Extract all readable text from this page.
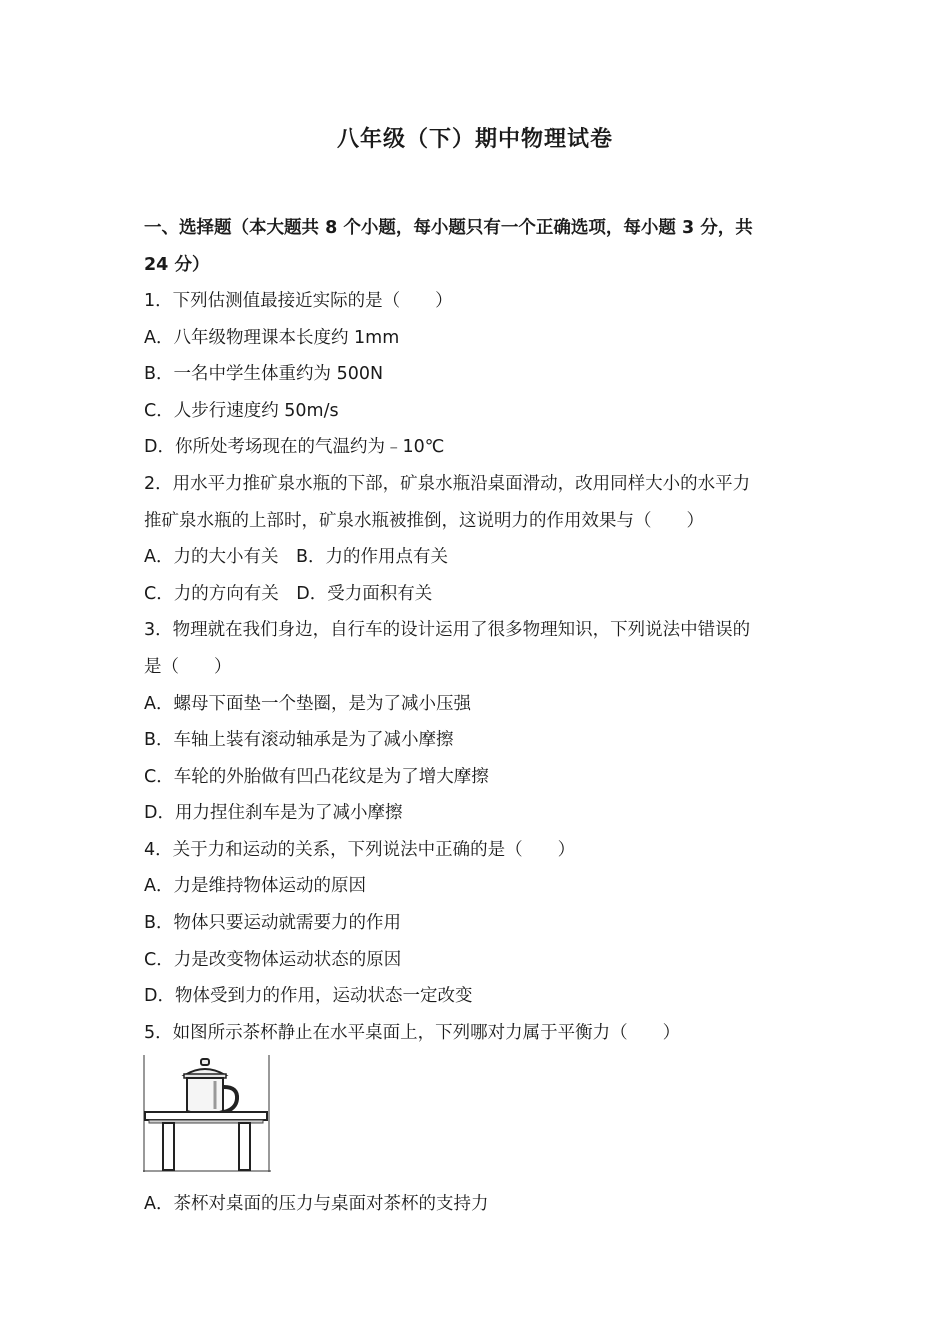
八年级（下）期中物理试卷
一、选择题（本大题共 8 个小题，每小题只有一个正确选项，每小题 3 分，共
24 分）
1．下列估测值最接近实际的是（　　）
A．八年级物理课本长度约 1mm
B．一名中学生体重约为 500N
C．人步行速度约 50m/s
D．你所处考场现在的气温约为﹣10℃
2．用水平力推矿泉水瓶的下部，矿泉水瓶沿桌面滑动，改用同样大小的水平力
推矿泉水瓶的上部时，矿泉水瓶被推倒，这说明力的作用效果与（　　）
A．力的大小有关　B．力的作用点有关
C．力的方向有关　D．受力面积有关
3．物理就在我们身边，自行车的设计运用了很多物理知识，下列说法中错误的
是（　　）
A．螺母下面垫一个垫圈，是为了减小压强
B．车轴上装有滚动轴承是为了减小摩擦
C．车轮的外胎做有凹凸花纹是为了增大摩擦
D．用力捏住刹车是为了减小摩擦
4．关于力和运动的关系，下列说法中正确的是（　　）
A．力是维持物体运动的原因
B．物体只要运动就需要力的作用
C．力是改变物体运动状态的原因
D．物体受到力的作用，运动状态一定改变
5．如图所示茶杯静止在水平桌面上，下列哪对力属于平衡力（　　）
A．茶杯对桌面的压力与桌面对茶杯的支持力
